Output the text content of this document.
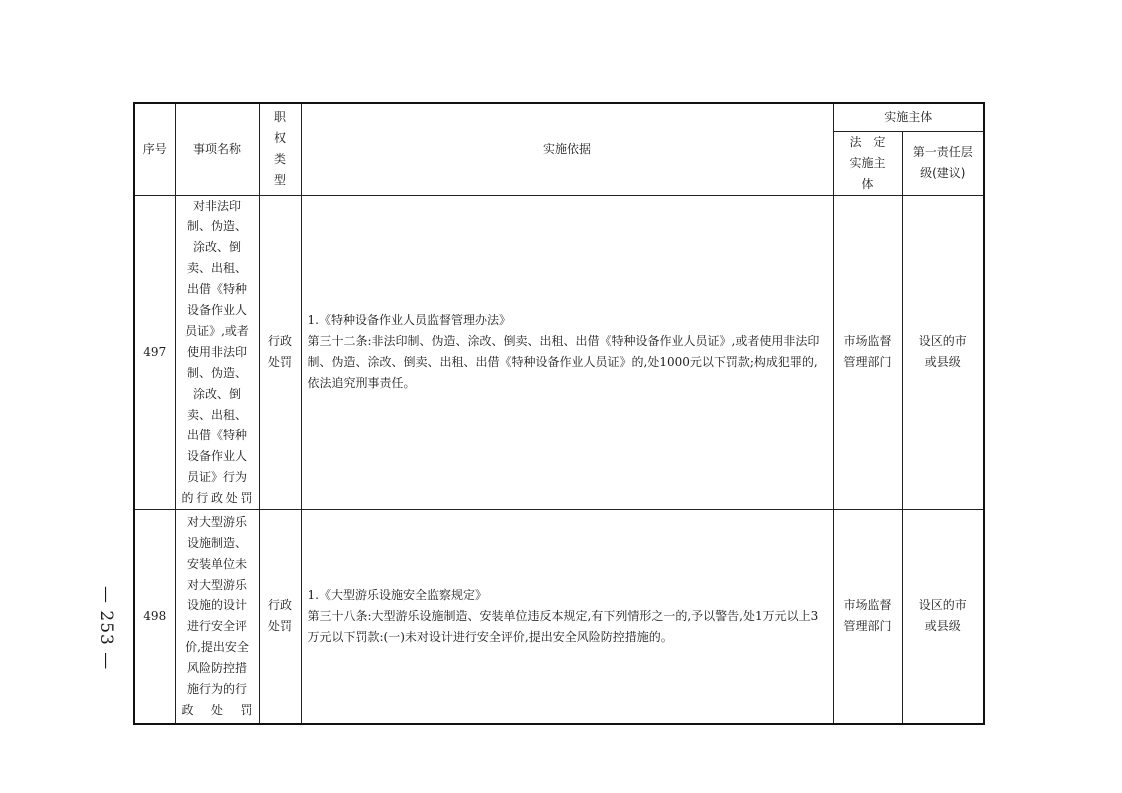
— 253 —
序号	事项名称	职权类型	实施依据	实施主体	
				法　定实施主体	第一责任层级(建议)
497	对非法印制、伪造、涂改、倒卖、出租、出借《特种设备作业人员证》,或者使用非法印制、伪造、涂改、倒卖、出租、出借《特种设备作业人员证》行为的行政处罚	行政处罚	1.《特种设备作业人员监督管理办法》
第三十二条:非法印制、伪造、涂改、倒卖、出租、出借《特种设备作业人员证》,或者使用非法印制、伪造、涂改、倒卖、出租、出借《特种设备作业人员证》的,处1000元以下罚款;构成犯罪的,依法追究刑事责任。	市场监督管理部门	设区的市或县级
498	对大型游乐设施制造、安装单位未对大型游乐设施的设计进行安全评价,提出安全风险防控措施行为的行政处罚	行政处罚	1.《大型游乐设施安全监察规定》
第三十八条:大型游乐设施制造、安装单位违反本规定,有下列情形之一的,予以警告,处1万元以上3万元以下罚款:(一)未对设计进行安全评价,提出安全风险防控措施的。	市场监督管理部门	设区的市或县级
